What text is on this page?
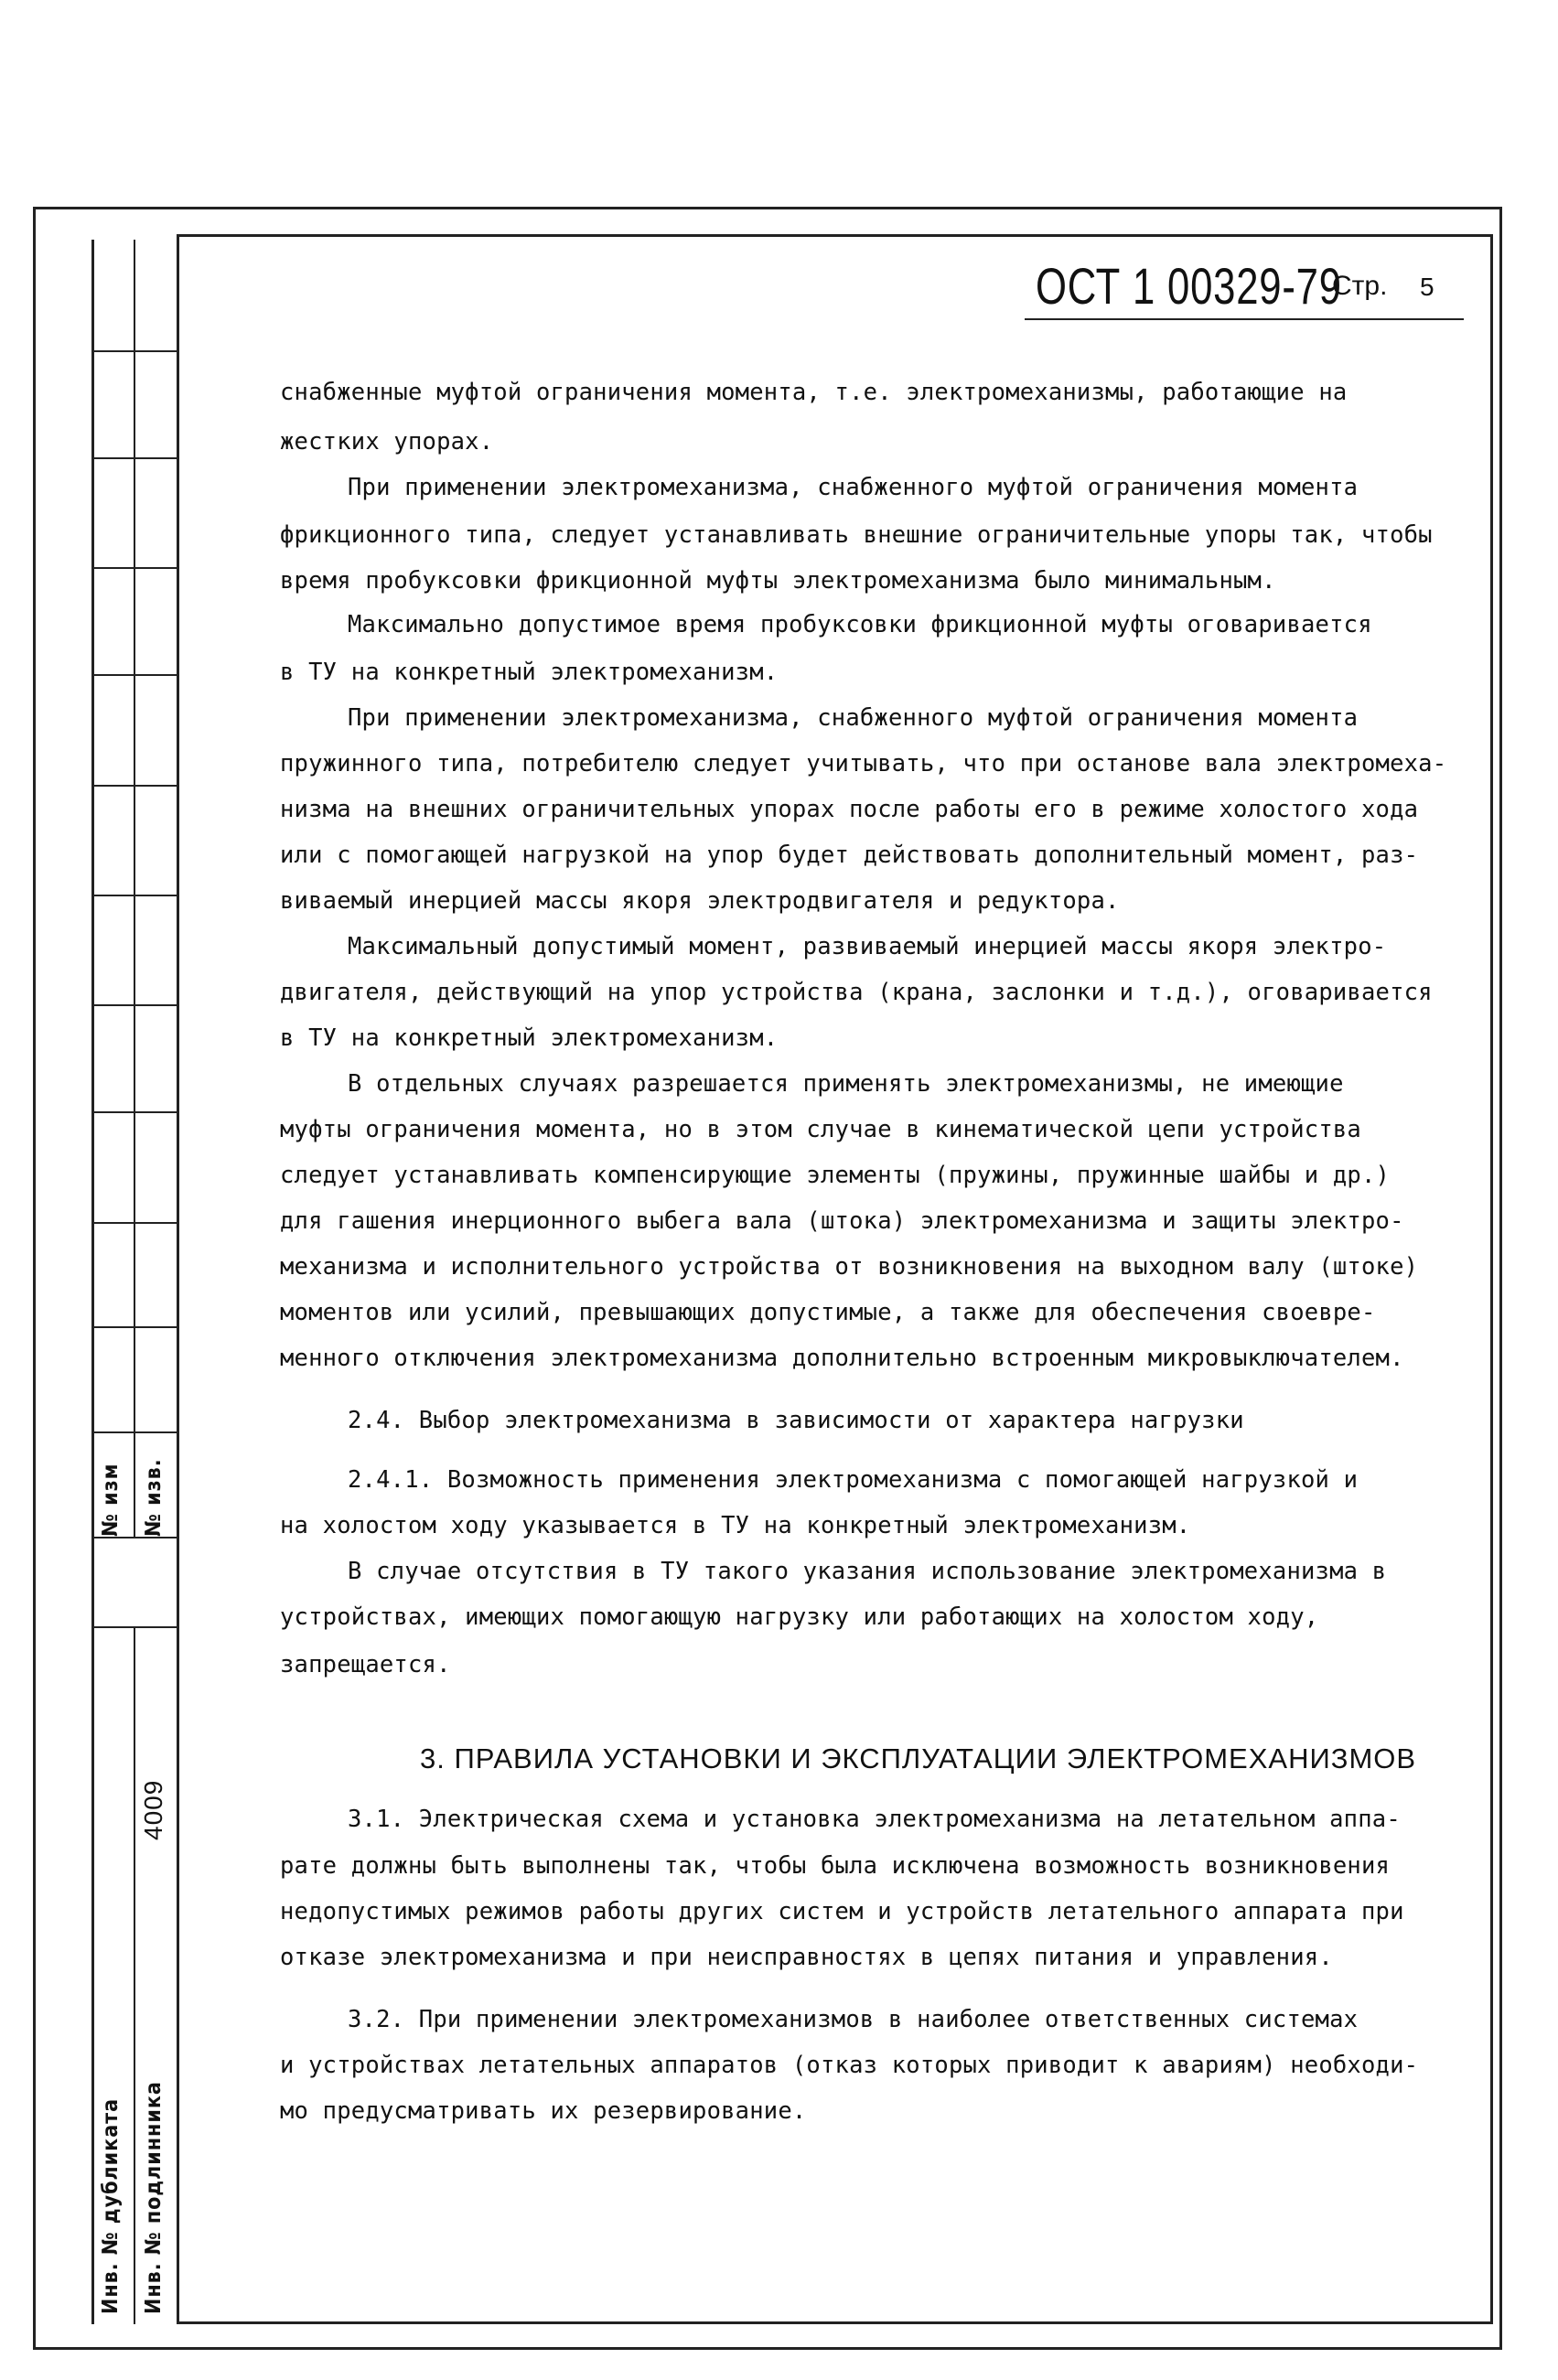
№ изм № изв.
4009
Инв. № дубликата Инв. № подлинника
ОСТ 1 00329-79
Стр. 5
снабженные муфтой ограничения момента, т.е. электромеханизмы, работающие на
жестких упорах.
При применении электромеханизма, снабженного муфтой ограничения момента
фрикционного типа, следует устанавливать внешние ограничительные упоры так, чтобы
время пробуксовки фрикционной муфты электромеханизма было минимальным.
Максимально допустимое время пробуксовки фрикционной муфты оговаривается
в ТУ на конкретный электромеханизм.
При применении электромеханизма, снабженного муфтой ограничения момента
пружинного типа, потребителю следует учитывать, что при останове вала электромеха-
низма на внешних ограничительных упорах после работы его в режиме холостого хода
или с помогающей нагрузкой на упор будет действовать дополнительный момент, раз-
виваемый инерцией массы якоря электродвигателя и редуктора.
Максимальный допустимый момент, развиваемый инерцией массы якоря электро-
двигателя, действующий на упор устройства (крана, заслонки и т.д.), оговаривается
в ТУ на конкретный электромеханизм.
В отдельных случаях разрешается применять электромеханизмы, не имеющие
муфты ограничения момента, но в этом случае в кинематической цепи устройства
следует устанавливать компенсирующие элементы (пружины, пружинные шайбы и др.)
для гашения инерционного выбега вала (штока) электромеханизма и защиты электро-
механизма и исполнительного устройства от возникновения на выходном валу (штоке)
моментов или усилий, превышающих допустимые, а также для обеспечения своевре-
менного отключения электромеханизма дополнительно встроенным микровыключателем.
2.4. Выбор электромеханизма в зависимости от характера нагрузки
2.4.1. Возможность применения электромеханизма с помогающей нагрузкой и
на холостом ходу указывается в ТУ на конкретный электромеханизм.
В случае отсутствия в ТУ такого указания использование электромеханизма в
устройствах, имеющих помогающую нагрузку или работающих на холостом ходу,
запрещается.
3. ПРАВИЛА УСТАНОВКИ И ЭКСПЛУАТАЦИИ ЭЛЕКТРОМЕХАНИЗМОВ
3.1. Электрическая схема и установка электромеханизма на летательном аппа-
рате должны быть выполнены так, чтобы была исключена возможность возникновения
недопустимых режимов работы других систем и устройств летательного аппарата при
отказе электромеханизма и при неисправностях в цепях питания и управления.
3.2. При применении электромеханизмов в наиболее ответственных системах
и устройствах летательных аппаратов (отказ которых приводит к авариям) необходи-
мо предусматривать их резервирование.
